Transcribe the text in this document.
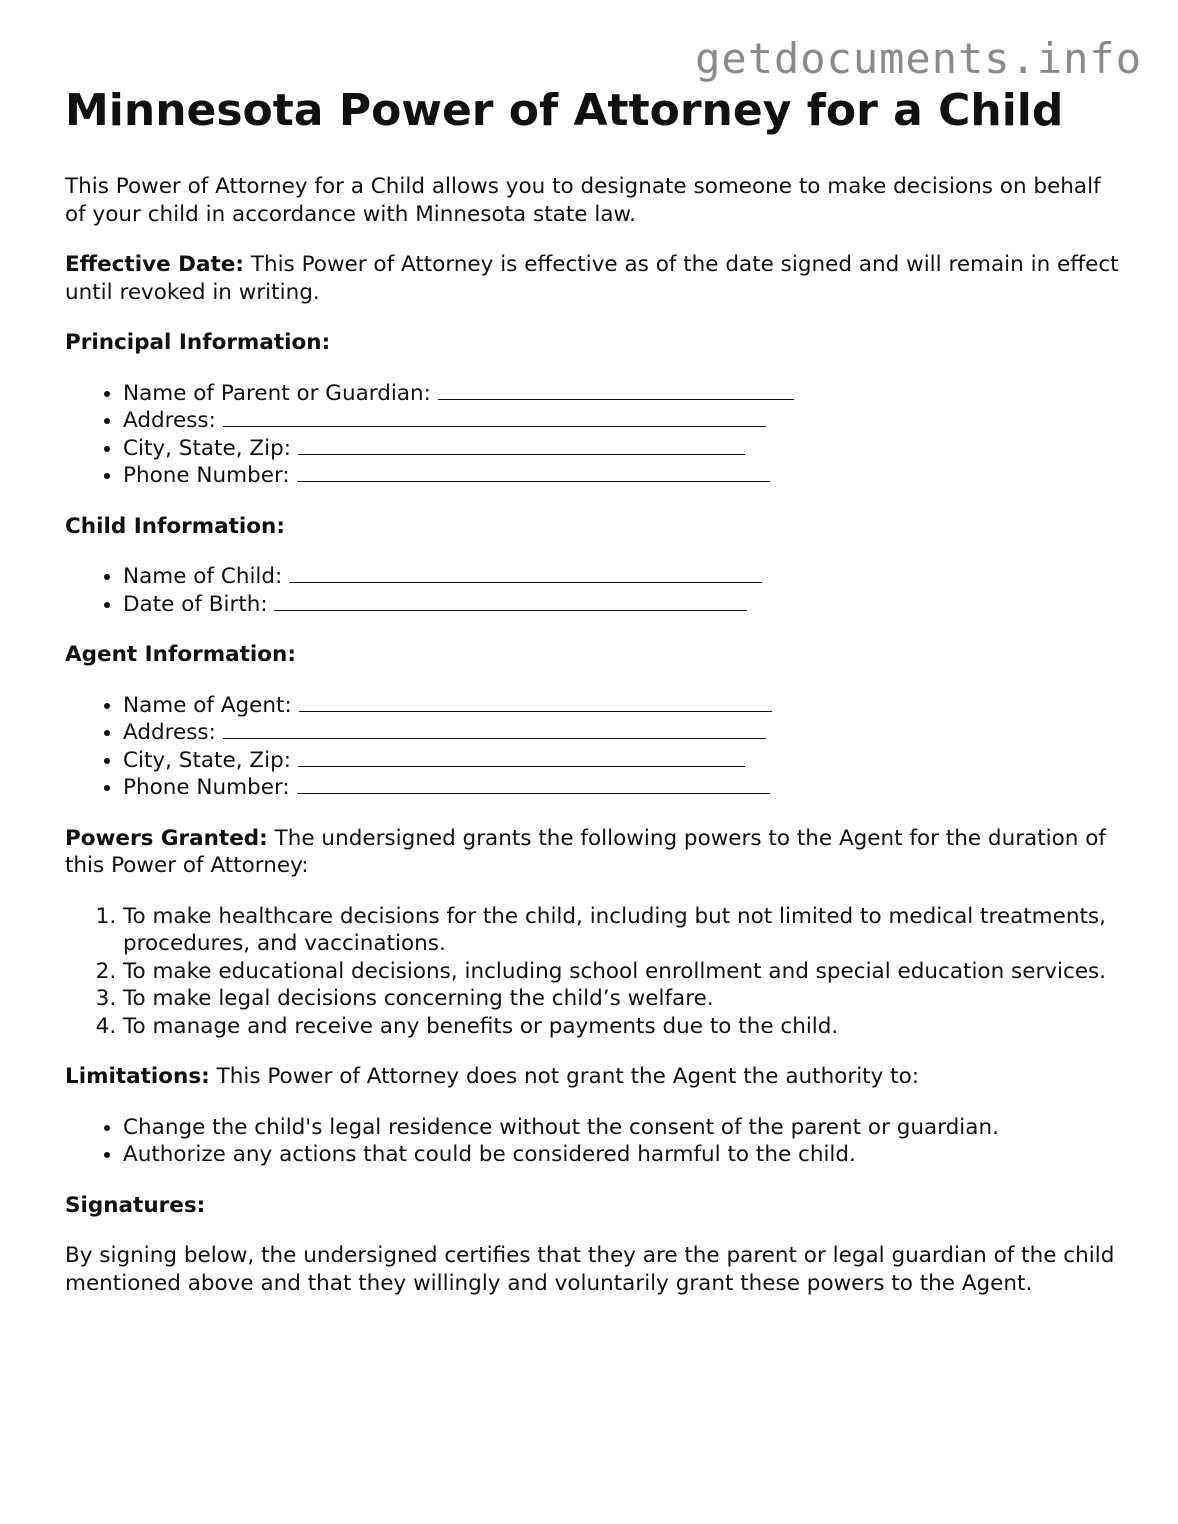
getdocuments.info
Minnesota Power of Attorney for a Child

This Power of Attorney for a Child allows you to designate someone to make decisions on behalf of your child in accordance with Minnesota state law.

Effective Date: This Power of Attorney is effective as of the date signed and will remain in effect until revoked in writing.

Principal Information:

• Name of Parent or Guardian:
• Address:
• City, State, Zip:
• Phone Number:

Child Information:

• Name of Child:
• Date of Birth:

Agent Information:

• Name of Agent:
• Address:
• City, State, Zip:
• Phone Number:

Powers Granted: The undersigned grants the following powers to the Agent for the duration of this Power of Attorney:

1. To make healthcare decisions for the child, including but not limited to medical treatments, procedures, and vaccinations.
2. To make educational decisions, including school enrollment and special education services.
3. To make legal decisions concerning the child’s welfare.
4. To manage and receive any benefits or payments due to the child.

Limitations: This Power of Attorney does not grant the Agent the authority to:

• Change the child's legal residence without the consent of the parent or guardian.
• Authorize any actions that could be considered harmful to the child.

Signatures:

By signing below, the undersigned certifies that they are the parent or legal guardian of the child mentioned above and that they willingly and voluntarily grant these powers to the Agent.
